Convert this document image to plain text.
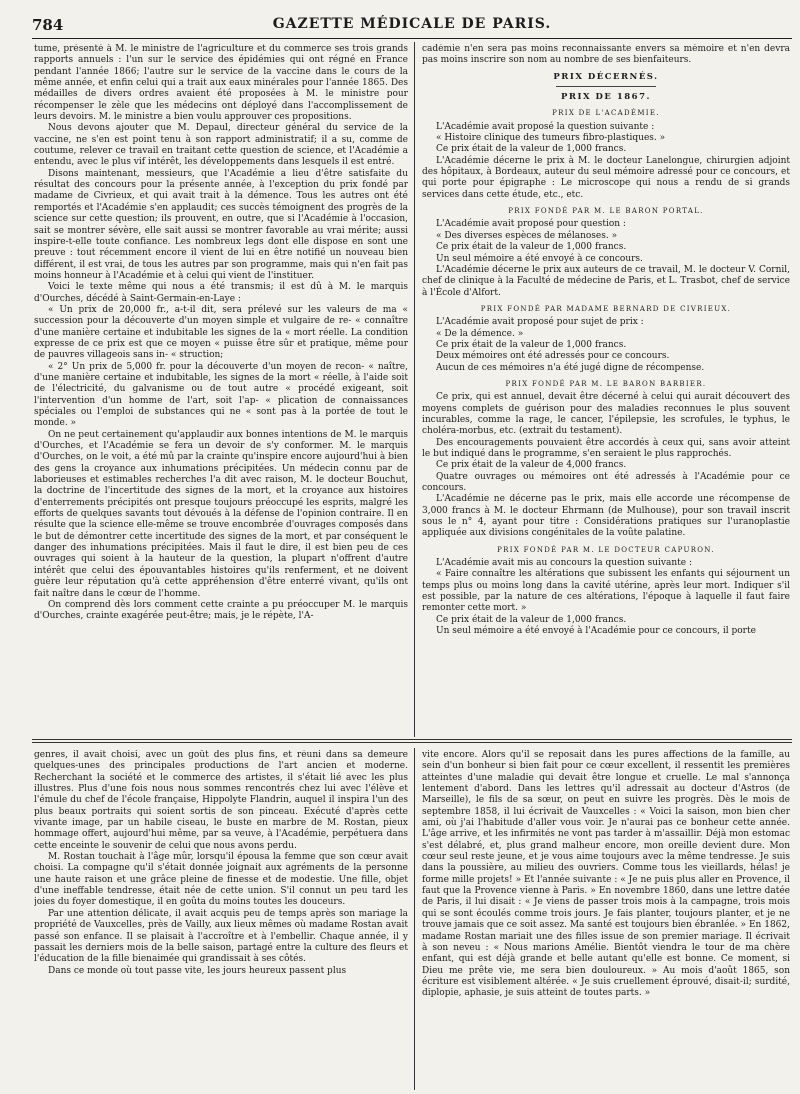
784	GAZETTE MÉDICALE DE PARIS.

tume, présenté à M. le ministre de l'agriculture et du commerce ses trois grands rapports annuels : l'un sur le service des épidémies qui ont régné en France pendant l'année 1866; l'autre sur le service de la vaccine dans le cours de la même année, et enfin celui qui a trait aux eaux minérales pour l'année 1865. Des médailles de divers ordres avaient été proposées à M. le ministre pour récompenser le zèle que les médecins ont déployé dans l'accomplissement de leurs devoirs. M. le ministre a bien voulu approuver ces propositions.

Nous devons ajouter que M. Depaul, directeur général du service de la vaccine, ne s'en est point tenu à son rapport administratif; il a su, comme de coutume, relever ce travail en traitant cette question de science, et l'Académie a entendu, avec le plus vif intérêt, les développements dans lesquels il est entré.

Disons maintenant, messieurs, que l'Académie a lieu d'être satisfaite du résultat des concours pour la présente année, à l'exception du prix fondé par madame de Civrieux, et qui avait trait à la démence. Tous les autres ont été remportés et l'Académie s'en applaudit; ces succès témoignent des progrès de la science sur cette question; ils prouvent, en outre, que si l'Académie à l'occasion, sait se montrer sévère, elle sait aussi se montrer favorable au vrai mérite; aussi inspire-t-elle toute confiance. Les nombreux legs dont elle dispose en sont une preuve : tout récemment encore il vient de lui en être notifié un nouveau bien différent, il est vrai, de tous les autres par son programme, mais qui n'en fait pas moins honneur à l'Académie et à celui qui vient de l'instituer.

Voici le texte même qui nous a été transmis; il est dû à M. le marquis d'Ourches, décédé à Saint-Germain-en-Laye :

« Un prix de 20,000 fr., a-t-il dit, sera prélevé sur les valeurs de ma « succession pour la découverte d'un moyen simple et vulgaire de re- « connaître d'une manière certaine et indubitable les signes de la « mort réelle. La condition expresse de ce prix est que ce moyen « puisse être sûr et pratique, même pour de pauvres villageois sans in- « struction;

« 2° Un prix de 5,000 fr. pour la découverte d'un moyen de recon- « naître, d'une manière certaine et indubitable, les signes de la mort « réelle, à l'aide soit de l'électricité, du galvanisme ou de tout autre « procédé exigeant, soit l'intervention d'un homme de l'art, soit l'ap- « plication de connaissances spéciales ou l'emploi de substances qui ne « sont pas à la portée de tout le monde. »

On ne peut certainement qu'applaudir aux bonnes intentions de M. le marquis d'Ourches, et l'Académie se fera un devoir de s'y conformer. M. le marquis d'Ourches, on le voit, a été mû par la crainte qu'inspire encore aujourd'hui à bien des gens la croyance aux inhumations précipitées. Un médecin connu par de laborieuses et estimables recherches l'a dit avec raison, M. le docteur Bouchut, la doctrine de l'incertitude des signes de la mort, et la croyance aux histoires d'enterrements précipités ont presque toujours préoccupé les esprits, malgré les efforts de quelques savants tout dévoués à la défense de l'opinion contraire. Il en résulte que la science elle-même se trouve encombrée d'ouvrages composés dans le but de démontrer cette incertitude des signes de la mort, et par conséquent le danger des inhumations précipitées. Mais il faut le dire, il est bien peu de ces ouvrages qui soient à la hauteur de la question, la plupart n'offrent d'autre intérêt que celui des épouvantables histoires qu'ils renferment, et ne doivent guère leur réputation qu'à cette appréhension d'être enterré vivant, qu'ils ont fait naître dans le cœur de l'homme.

On comprend dès lors comment cette crainte a pu préoccuper M. le marquis d'Ourches, crainte exagérée peut-être; mais, je le répète, l'A-

cadémie n'en sera pas moins reconnaissante envers sa mémoire et n'en devra pas moins inscrire son nom au nombre de ses bienfaiteurs.

PRIX DÉCERNÉS.
PRIX DE 1867.
PRIX DE L'ACADÉMIE.

L'Académie avait proposé la question suivante :

« Histoire clinique des tumeurs fibro-plastiques. »

Ce prix était de la valeur de 1,000 francs.

L'Académie décerne le prix à M. le docteur Lanelongue, chirurgien adjoint des hôpitaux, à Bordeaux, auteur du seul mémoire adressé pour ce concours, et qui porte pour épigraphe : Le microscope qui nous a rendu de si grands services dans cette étude, etc., etc.

PRIX FONDÉ PAR M. LE BARON PORTAL.

L'Académie avait proposé pour question :

« Des diverses espèces de mélanoses. »

Ce prix était de la valeur de 1,000 francs.

Un seul mémoire a été envoyé à ce concours.

L'Académie décerne le prix aux auteurs de ce travail, M. le docteur V. Cornil, chef de clinique à la Faculté de médecine de Paris, et L. Trasbot, chef de service à l'École d'Alfort.

PRIX FONDÉ PAR MADAME BERNARD DE CIVRIEUX.

L'Académie avait proposé pour sujet de prix :

« De la démence. »

Ce prix était de la valeur de 1,000 francs.

Deux mémoires ont été adressés pour ce concours.

Aucun de ces mémoires n'a été jugé digne de récompense.

PRIX FONDÉ PAR M. LE BARON BARBIER.

Ce prix, qui est annuel, devait être décerné à celui qui aurait découvert des moyens complets de guérison pour des maladies reconnues le plus souvent incurables, comme la rage, le cancer, l'épilepsie, les scrofules, le typhus, le choléra-morbus, etc. (extrait du testament).

Des encouragements pouvaient être accordés à ceux qui, sans avoir atteint le but indiqué dans le programme, s'en seraient le plus rapprochés.

Ce prix était de la valeur de 4,000 francs.

Quatre ouvrages ou mémoires ont été adressés à l'Académie pour ce concours.

L'Académie ne décerne pas le prix, mais elle accorde une récompense de 3,000 francs à M. le docteur Ehrmann (de Mulhouse), pour son travail inscrit sous le n° 4, ayant pour titre : Considérations pratiques sur l'uranoplastie appliquée aux divisions congénitales de la voûte palatine.

PRIX FONDÉ PAR M. LE DOCTEUR CAPURON.

L'Académie avait mis au concours la question suivante :

« Faire connaître les altérations que subissent les enfants qui séjournent un temps plus ou moins long dans la cavité utérine, après leur mort. Indiquer s'il est possible, par la nature de ces altérations, l'époque à laquelle il faut faire remonter cette mort. »

Ce prix était de la valeur de 1,000 francs.

Un seul mémoire a été envoyé à l'Académie pour ce concours, il porte

genres, il avait choisi, avec un goût des plus fins, et réuni dans sa demeure quelques-unes des principales productions de l'art ancien et moderne. Recherchant la société et le commerce des artistes, il s'était lié avec les plus illustres. Plus d'une fois nous nous sommes rencontrés chez lui avec l'élève et l'émule du chef de l'école française, Hippolyte Flandrin, auquel il inspira l'un des plus beaux portraits qui soient sortis de son pinceau. Exécuté d'après cette vivante image, par un habile ciseau, le buste en marbre de M. Rostan, pieux hommage offert, aujourd'hui même, par sa veuve, à l'Académie, perpétuera dans cette enceinte le souvenir de celui que nous avons perdu.

M. Rostan touchait à l'âge mûr, lorsqu'il épousa la femme que son cœur avait choisi. La compagne qu'il s'était donnée joignait aux agréments de la personne une haute raison et une grâce pleine de finesse et de modestie. Une fille, objet d'une ineffable tendresse, était née de cette union. S'il connut un peu tard les joies du foyer domestique, il en goûta du moins toutes les douceurs.

Par une attention délicate, il avait acquis peu de temps après son mariage la propriété de Vauxcelles, près de Vailly, aux lieux mêmes où madame Rostan avait passé son enfance. Il se plaisait à l'accroître et à l'embellir. Chaque année, il y passait les derniers mois de la belle saison, partagé entre la culture des fleurs et l'éducation de la fille bienaimée qui grandissait à ses côtés.

Dans ce monde où tout passe vite, les jours heureux passent plus

vite encore. Alors qu'il se reposait dans les pures affections de la famille, au sein d'un bonheur si bien fait pour ce cœur excellent, il ressentit les premières atteintes d'une maladie qui devait être longue et cruelle. Le mal s'annonça lentement d'abord. Dans les lettres qu'il adressait au docteur d'Astros (de Marseille), le fils de sa sœur, on peut en suivre les progrès. Dès le mois de septembre 1858, il lui écrivait de Vauxcelles : « Voici la saison, mon bien cher ami, où j'ai l'habitude d'aller vous voir. Je n'aurai pas ce bonheur cette année. L'âge arrive, et les infirmités ne vont pas tarder à m'assaillir. Déjà mon estomac s'est délabré, et, plus grand malheur encore, mon oreille devient dure. Mon cœur seul reste jeune, et je vous aime toujours avec la même tendresse. Je suis dans la poussière, au milieu des ouvriers. Comme tous les vieillards, hélas! je forme mille projets! » Et l'année suivante : « Je ne puis plus aller en Provence, il faut que la Provence vienne à Paris. » En novembre 1860, dans une lettre datée de Paris, il lui disait : « Je viens de passer trois mois à la campagne, trois mois qui se sont écoulés comme trois jours. Je fais planter, toujours planter, et je ne trouve jamais que ce soit assez. Ma santé est toujours bien ébranlée. » En 1862, madame Rostan mariait une des filles issue de son premier mariage. Il écrivait à son neveu : « Nous marions Amélie. Bientôt viendra le tour de ma chère enfant, qui est déjà grande et belle autant qu'elle est bonne. Ce moment, si Dieu me prête vie, me sera bien douloureux. » Au mois d'août 1865, son écriture est visiblement altérée. « Je suis cruellement éprouvé, disait-il; surdité, diplopie, aphasie, je suis atteint de toutes parts. »
